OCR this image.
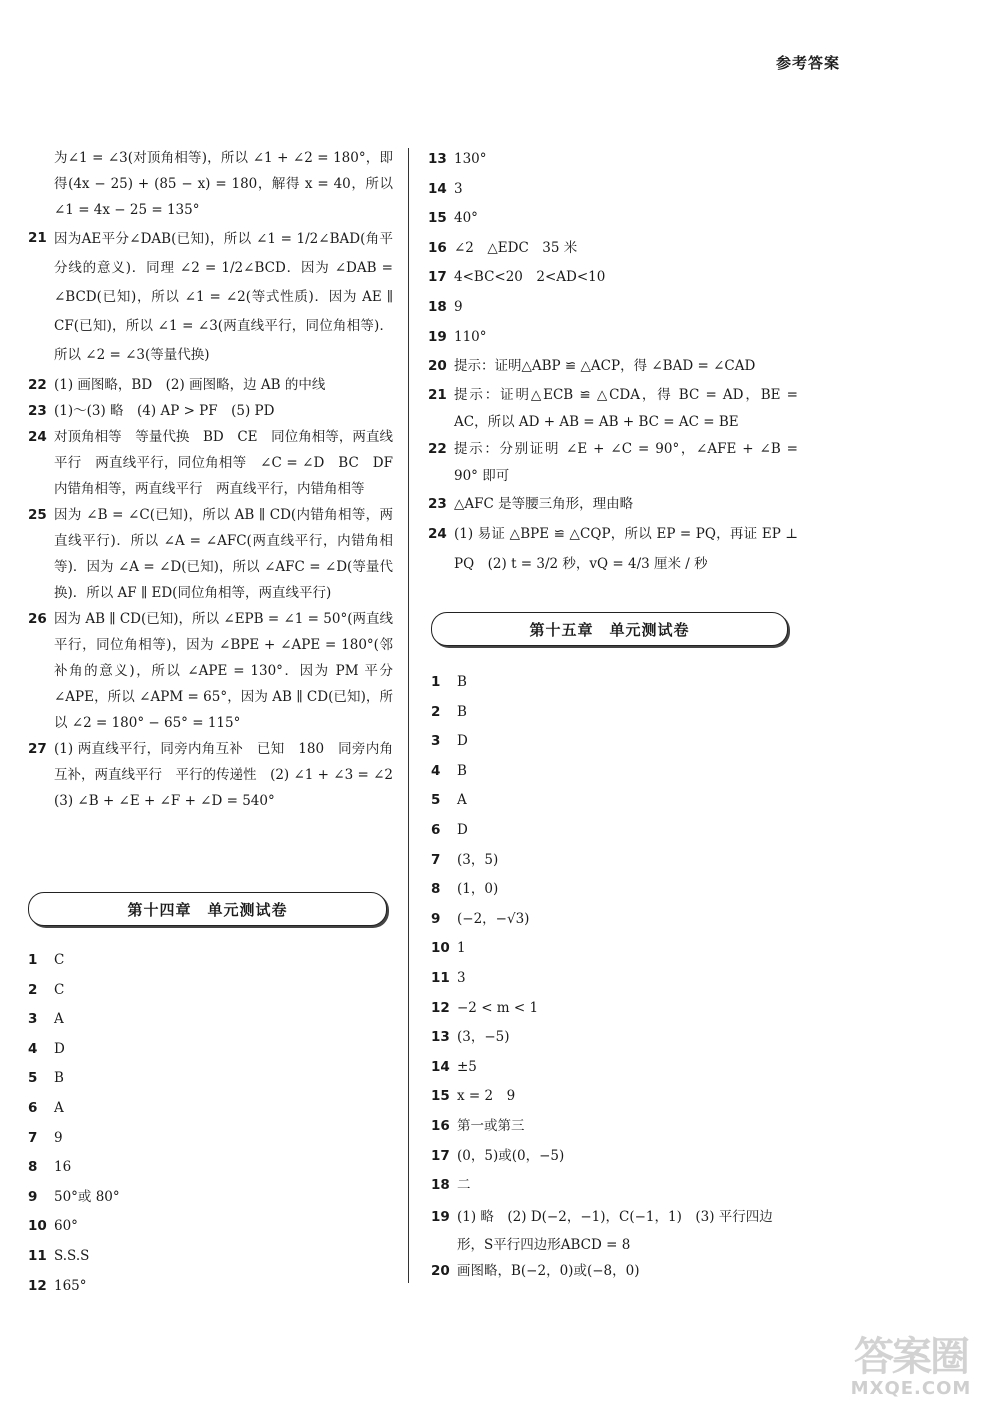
参考答案
为∠1 = ∠3(对顶角相等)，所以 ∠1 + ∠2 = 180°，即得(4x − 25) + (85 − x) = 180，解得 x = 40，所以 ∠1 = 4x − 25 = 135°
21 因为AE平分∠DAB(已知)，所以 ∠1 = 1/2∠BAD(角平分线的意义)．同理 ∠2 = 1/2∠BCD．因为 ∠DAB = ∠BCD(已知)，所以 ∠1 = ∠2(等式性质)．因为 AE ∥ CF(已知)，所以 ∠1 = ∠3(两直线平行，同位角相等)．所以 ∠2 = ∠3(等量代换)
22 (1) 画图略，BD　(2) 画图略，边 AB 的中线
23 (1)～(3) 略　(4) AP > PF　(5) PD
24 对顶角相等　等量代换　BD　CE　同位角相等，两直线平行　两直线平行，同位角相等　∠C = ∠D　BC　DF　内错角相等，两直线平行　两直线平行，内错角相等
25 因为 ∠B = ∠C(已知)，所以 AB ∥ CD(内错角相等，两直线平行)．所以 ∠A = ∠AFC(两直线平行，内错角相等)．因为 ∠A = ∠D(已知)，所以 ∠AFC = ∠D(等量代换)．所以 AF ∥ ED(同位角相等，两直线平行)
26 因为 AB ∥ CD(已知)，所以 ∠EPB = ∠1 = 50°(两直线平行，同位角相等)，因为 ∠BPE + ∠APE = 180°(邻补角的意义)，所以 ∠APE = 130°．因为 PM 平分 ∠APE，所以 ∠APM = 65°，因为 AB ∥ CD(已知)，所以 ∠2 = 180° − 65° = 115°
27 (1) 两直线平行，同旁内角互补　已知　180　同旁内角互补，两直线平行　平行的传递性　(2) ∠1 + ∠3 = ∠2　(3) ∠B + ∠E + ∠F + ∠D = 540°
第十四章　单元测试卷
1	C
2	C
3	A
4	D
5	B
6	A
7	9
8	16
9	50°或 80°
10 60°
11 S.S.S
12 165°
13 130°
14 3
15 40°
16 ∠2　△EDC　35 米
17 4<BC<20　2<AD<10
18 9
19 110°
20 提示：证明△ABP ≌ △ACP，得 ∠BAD = ∠CAD
21 提示：证明△ECB ≌ △CDA，得 BC = AD，BE = AC，所以 AD + AB = AB + BC = AC = BE
22 提示：分别证明 ∠E + ∠C = 90°，∠AFE + ∠B = 90° 即可
23 △AFC 是等腰三角形，理由略
24 (1) 易证 △BPE ≌ △CQP，所以 EP = PQ，再证 EP ⊥ PQ　(2) t = 3/2 秒，vQ = 4/3 厘米 / 秒
第十五章　单元测试卷
1	B
2	B
3	D
4	B
5	A
6	D
7	(3，5)
8	(1，0)
9	(−2，−√3)
10 1
11 3
12 −2 < m < 1
13 (3，−5)
14 ±5
15 x = 2　9
16 第一或第三
17 (0，5)或(0，−5)
18 二
19 (1) 略　(2) D(−2，−1)，C(−1，1)　(3) 平行四边形，S平行四边形ABCD = 8
20 画图略，B(−2，0)或(−8，0)
答案圈
MXQE.COM
